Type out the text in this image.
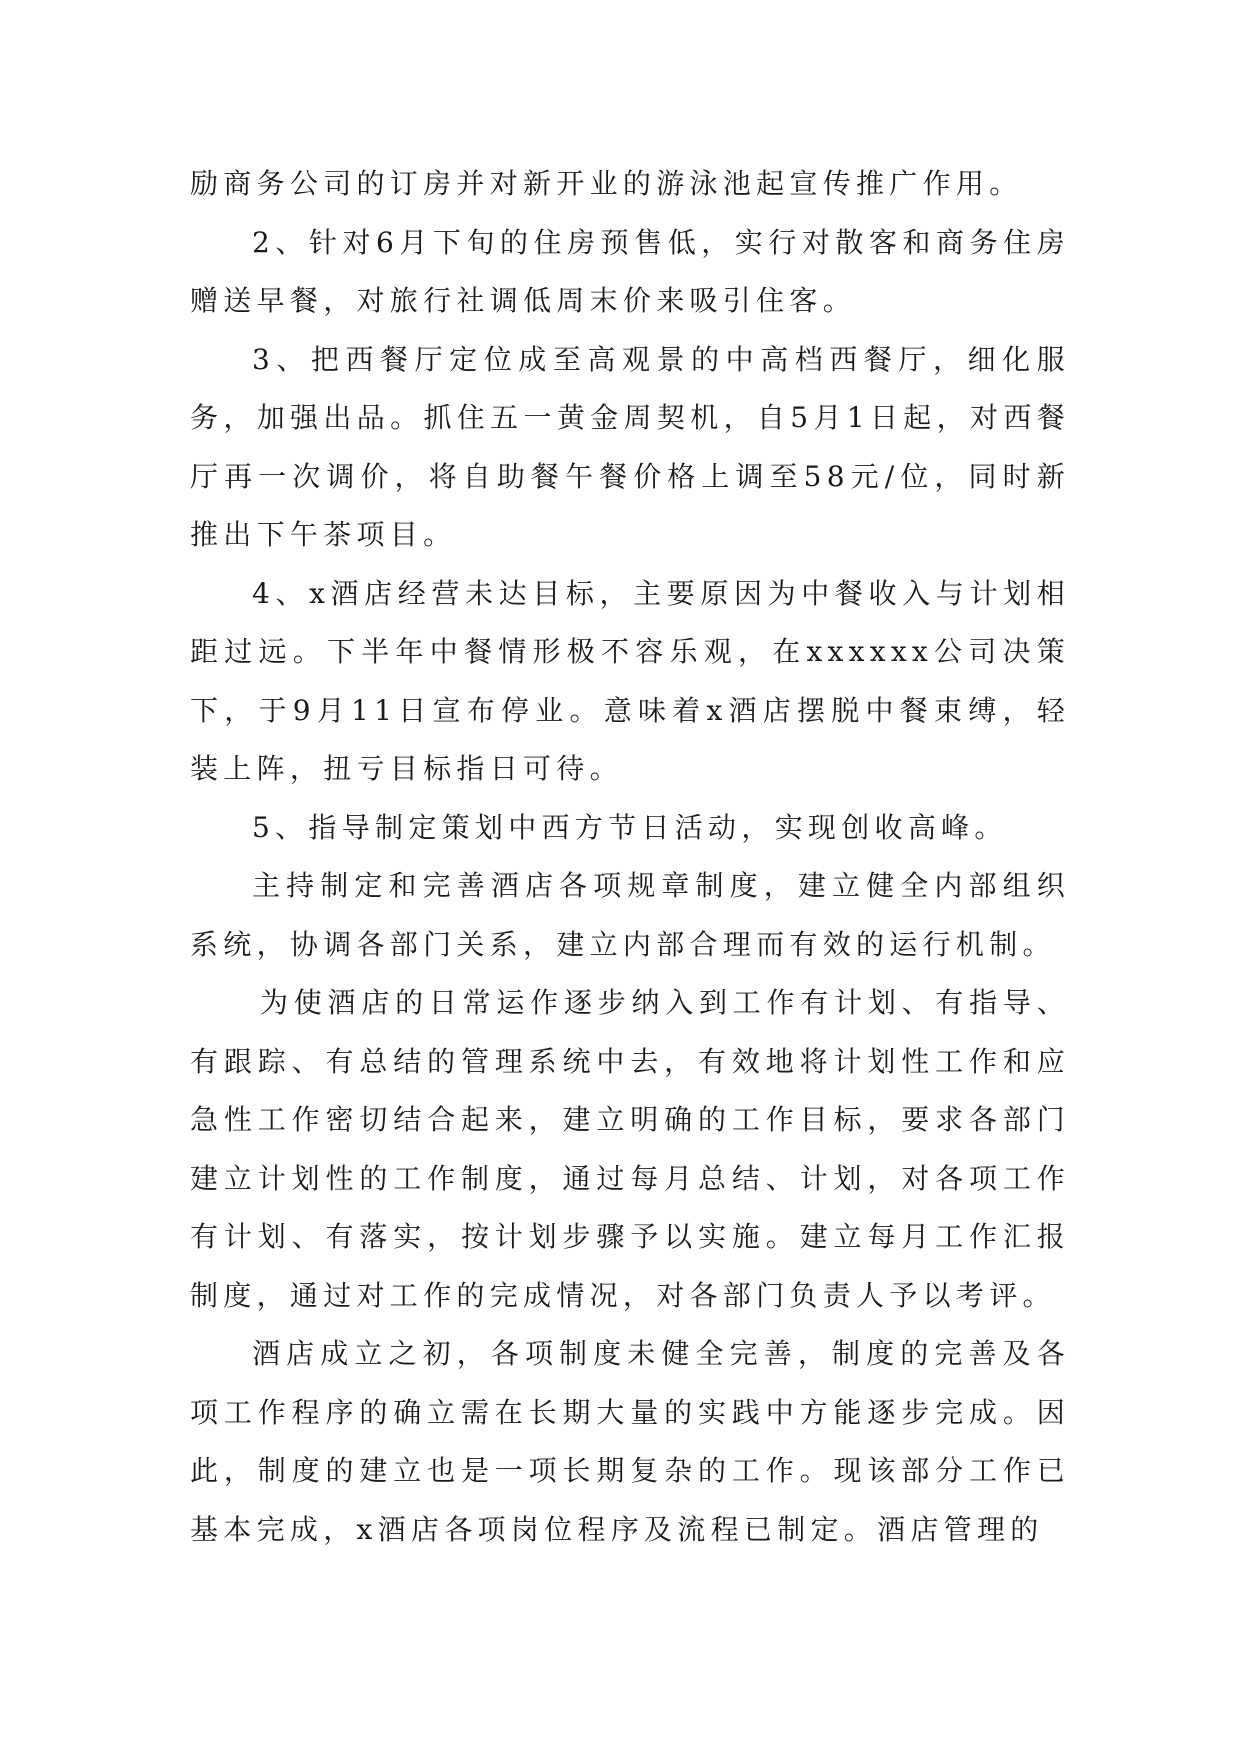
励商务公司的订房并对新开业的游泳池起宣传推广作用。

2、针对6月下旬的住房预售低，实行对散客和商务住房赠送早餐，对旅行社调低周末价来吸引住客。

3、把西餐厅定位成至高观景的中高档西餐厅，细化服务，加强出品。抓住五一黄金周契机，自5月1日起，对西餐厅再一次调价，将自助餐午餐价格上调至58元/位，同时新推出下午茶项目。

4、x酒店经营未达目标，主要原因为中餐收入与计划相距过远。下半年中餐情形极不容乐观，在xxxxxx公司决策下，于9月11日宣布停业。意味着x酒店摆脱中餐束缚，轻装上阵，扭亏目标指日可待。

5、指导制定策划中西方节日活动，实现创收高峰。

主持制定和完善酒店各项规章制度，建立健全内部组织系统，协调各部门关系，建立内部合理而有效的运行机制。

为使酒店的日常运作逐步纳入到工作有计划、有指导、有跟踪、有总结的管理系统中去，有效地将计划性工作和应急性工作密切结合起来，建立明确的工作目标，要求各部门建立计划性的工作制度，通过每月总结、计划，对各项工作有计划、有落实，按计划步骤予以实施。建立每月工作汇报制度，通过对工作的完成情况，对各部门负责人予以考评。

酒店成立之初，各项制度未健全完善，制度的完善及各项工作程序的确立需在长期大量的实践中方能逐步完成。因此，制度的建立也是一项长期复杂的工作。现该部分工作已基本完成，x酒店各项岗位程序及流程已制定。酒店管理的
